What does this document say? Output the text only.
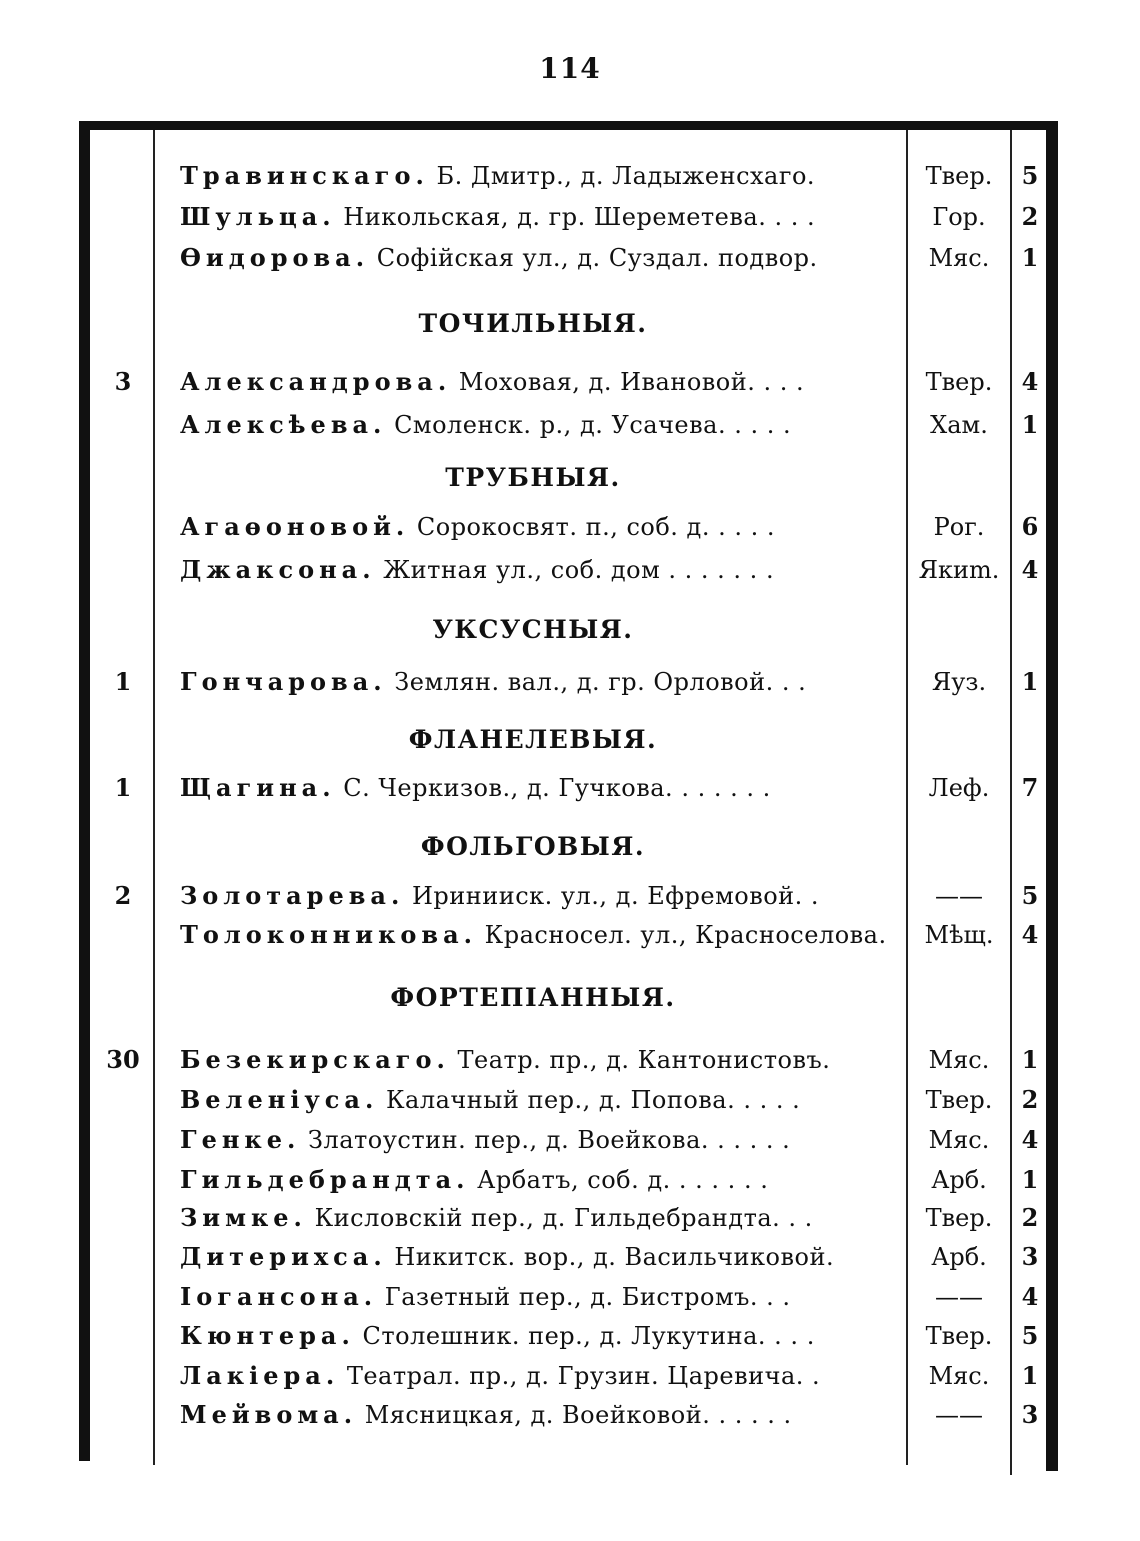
114
Травинскаго. Б. Дмитр., д. Ладыженсхаго.	Твер.	5
Шульца. Никольская, д. гр. Шереметева. . . .	Гор.	2
Өидорова. Софійская ул., д. Суздал. подвор.	Мяс.	1
ТОЧИЛЬНЫЯ.
3	Александрова. Моховая, д. Ивановой. . . .	Твер.	4
Алексѣева. Смоленск. р., д. Усачева. . . . .	Хам.	1
ТРУБНЫЯ.
Агаөоновой. Сорокосвят. п., соб. д. . . . .	Рог.	6
Джаксона. Житная ул., соб. дом . . . . . . .	Якиm. 4
УКСУСНЫЯ.
1	Гончарова. Землян. вал., д. гр. Орловой. . .	Яуз.	1
ФЛАНЕЛЕВЫЯ.
1	Щагина. С. Черкизов., д. Гучкова. . . . . . .	Леф.	7
ФОЛЬГОВЫЯ.
2	Золотарева. Иринииск. ул., д. Ефремовой. .	——	5
Толоконникова. Красносел. ул., Красноселова.	Мѣщ.	4
ФОРТЕПІАННЫЯ.
30 Безекирскаго. Театр. пр., д. Кантонистовъ.	Мяс.	1
Веленіуса. Калачный пер., д. Попова. . . . .	Твер.	2
Генке. Златоустин. пер., д. Воейкова. . . . . .	Мяс.	4
Гильдебрандта. Арбатъ, соб. д. . . . . . .	Арб.	1
Зимке. Кисловскій пер., д. Гильдебрандта. . .	Твер.	2
Дитерихса. Никитск. вор., д. Васильчиковой.	Арб.	3
Іогансона. Газетный пер., д. Бистромъ. . .	——	4
Кюнтера. Столешник. пер., д. Лукутина. . . .	Твер.	5
Лакіера. Театрал. пр., д. Грузин. Царевича. .	Мяс.	1
Мейвома. Мясницкая, д. Воейковой. . . . . .	——	3
